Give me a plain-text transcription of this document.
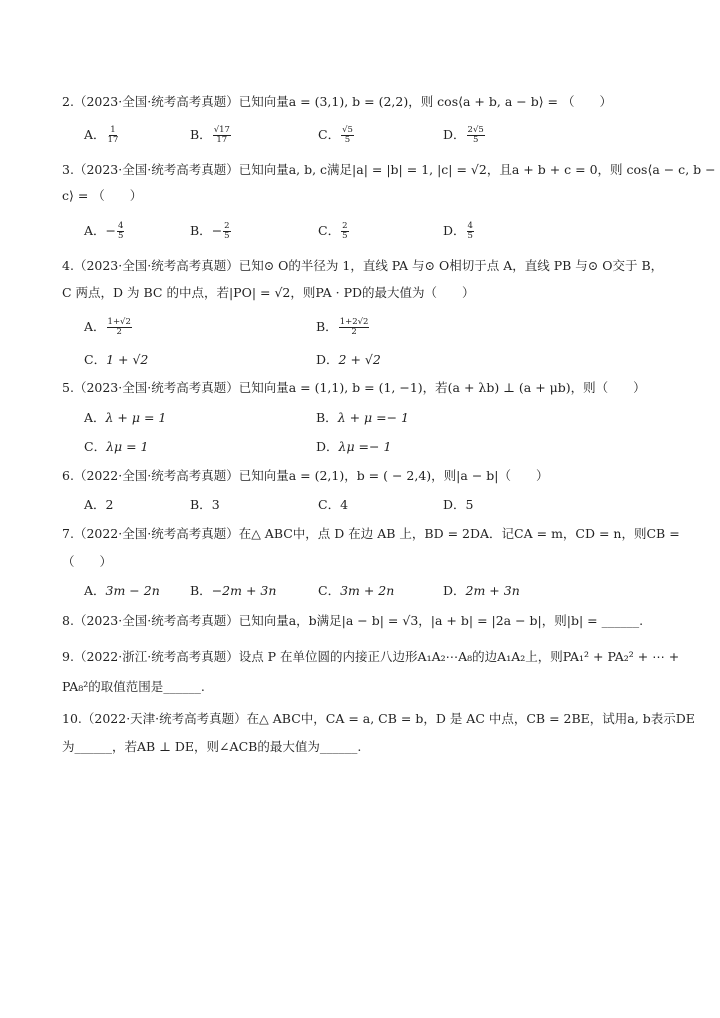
2.（2023·全国·统考高考真题）已知向量a = (3,1), b = (2,2)，则 cos⟨a + b, a − b⟩ = （　　）
A． $\frac{1}{17}$	B． $\frac{√17}{17}$	C． $\frac{√5}{5}$	D． $\frac{2√5}{5}$
3.（2023·全国·统考高考真题）已知向量a, b, c满足|a| = |b| = 1, |c| = √2，且a + b + c = 0，则 cos⟨a − c, b −
c⟩ = （　　）
A．− $\frac{4}{5}$	B．− $\frac{2}{5}$	C． $\frac{2}{5}$	D． $\frac{4}{5}$
4.（2023·全国·统考高考真题）已知⊙ O的半径为 1，直线 PA 与⊙ O相切于点 A，直线 PB 与⊙ O交于 B，
C 两点，D 为 BC 的中点，若|PO| = √2，则PA · PD的最大值为（　　）
A． $\frac{1+√2}{2}$	B． $\frac{1+2√2}{2}$
C．1 + √2	D．2 + √2
5.（2023·全国·统考高考真题）已知向量a = (1,1), b = (1, −1)，若(a + λb) ⊥ (a + μb)，则（　　）
A．λ + μ = 1	B．λ + μ =− 1
C．λμ = 1	D．λμ =− 1
6.（2022·全国·统考高考真题）已知向量a = (2,1)，b = ( − 2,4)，则|a − b|（　　）
A．2	B．3	C．4	D．5
7.（2022·全国·统考高考真题）在△ ABC中，点 D 在边 AB 上，BD = 2DA．记CA = m，CD = n，则CB =
（　　）
A．3m − 2n B．−2m + 3n	C．3m + 2n	D．2m + 3n
8.（2023·全国·统考高考真题）已知向量a，b满足|a − b| = √3，|a + b| = |2a − b|，则|b| = ______.
9.（2022·浙江·统考高考真题）设点 P 在单位圆的内接正八边形A₁A₂⋯A₈的边A₁A₂上，则PA₁² + PA₂² + ⋯ +
PA₈²的取值范围是______.
10.（2022·天津·统考高考真题）在△ ABC中，CA = a, CB = b，D 是 AC 中点，CB = 2BE，试用a, b表示DE
为______，若AB ⊥ DE，则∠ACB的最大值为______.
